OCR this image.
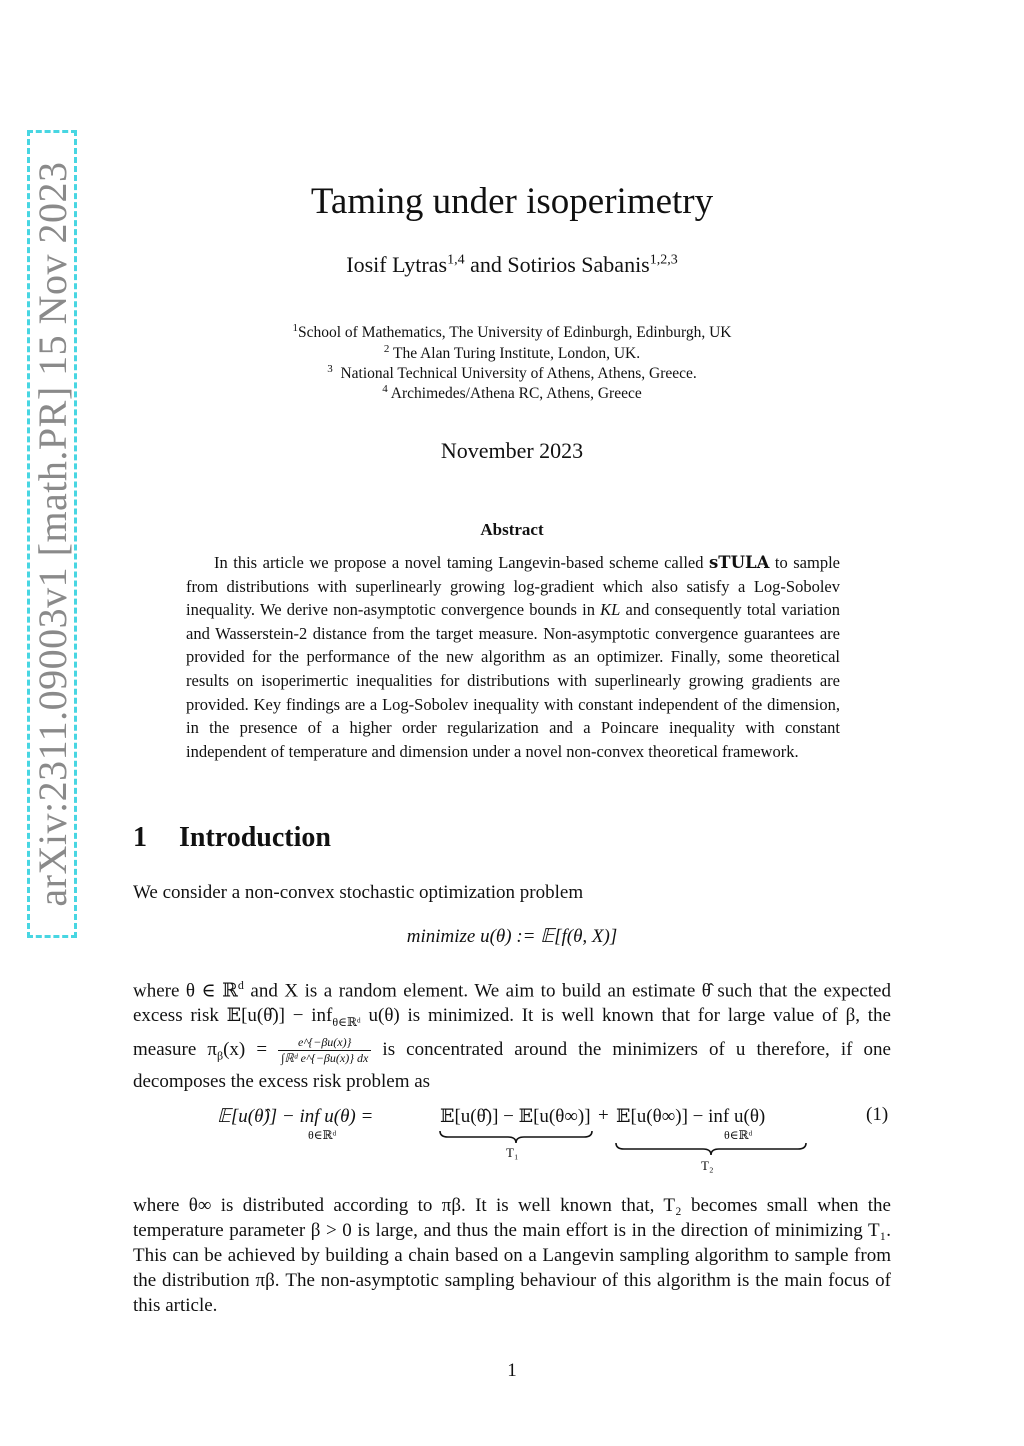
arXiv:2311.09003v1 [math.PR] 15 Nov 2023	Taming under isoperimetry
Iosif Lytras$^{1,4}$ and Sotirios Sabanis$^{1,2,3}$
$^1$School of Mathematics, The University of Edinburgh, Edinburgh, UK
$^2$ The Alan Turing Institute, London, UK.
$^3$ National Technical University of Athens, Athens, Greece.
$^4$ Archimedes/Athena RC, Athens, Greece
November 2023
Abstract

In this article we propose a novel taming Langevin-based scheme called sTULA to sample from distributions with superlinearly growing log-gradient which also satisfy a Log-Sobolev inequality. We derive non-asymptotic convergence bounds in KL and consequently total variation and Wasserstein-2 distance from the target measure. Non-asymptotic convergence guarantees are provided for the performance of the new algorithm as an optimizer. Finally, some theoretical results on isoperimertic inequalities for distributions with superlinearly growing gradients are provided. Key findings are a Log-Sobolev inequality with constant independent of the dimension, in the presence of a higher order regularization and a Poincare inequality with constant independent of temperature and dimension under a novel non-convex theoretical framework.

1 Introduction

We consider a non-convex stochastic optimization problem

minimize u(θ) := 𝔼[f(θ, X)]

where θ ∈ ℝ$^d$ and X is a random element. We aim to build an estimate θ̂ such that the expected excess risk 𝔼[u(θ̂)] − inf$_{\theta\in ℝᵈ}$ u(θ) is minimized. It is well known that for large value of β, the measure $\pi_\beta(x) = \frac{e\^{}\{-\beta u(x)\}}{\text{∫ℝᵈ e\textasciicircum{}\{−βu(x)\} dx}}$ is concentrated around the minimizers of u therefore, if one decomposes the excess risk problem as

𝔼[u(θ̂)] − inf u(θ) =
θ∈ℝᵈ
𝔼[u(θ̂)] − 𝔼[u(θ∞)]
T₁
+ 𝔼[u(θ∞)] − inf u(θ)
θ∈ℝᵈ
T₂
(1)

where θ∞ is distributed according to πβ. It is well known that, T₂ becomes small when the temperature parameter β > 0 is large, and thus the main effort is in the direction of minimizing T₁. This can be achieved by building a chain based on a Langevin sampling algorithm to sample from the distribution πβ. The non-asymptotic sampling behaviour of this algorithm is the main focus of this article.

1
